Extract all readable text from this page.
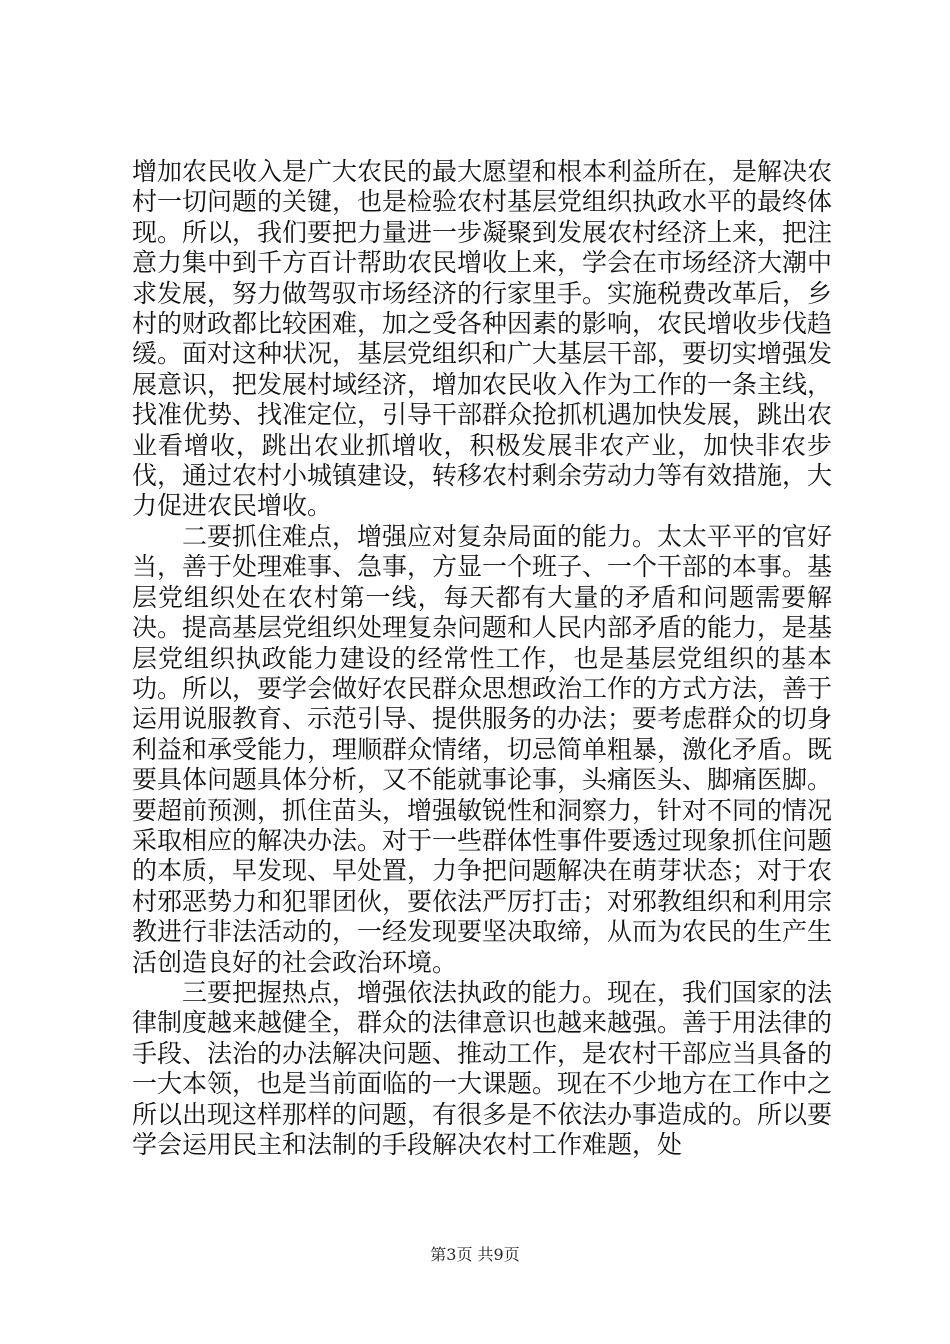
增加农民收入是广大农民的最大愿望和根本利益所在，是解决农村一切问题的关键，也是检验农村基层党组织执政水平的最终体现。所以，我们要把力量进一步凝聚到发展农村经济上来，把注意力集中到千方百计帮助农民增收上来，学会在市场经济大潮中求发展，努力做驾驭市场经济的行家里手。实施税费改革后，乡村的财政都比较困难，加之受各种因素的影响，农民增收步伐趋缓。面对这种状况，基层党组织和广大基层干部，要切实增强发展意识，把发展村域经济，增加农民收入作为工作的一条主线，找准优势、找准定位，引导干部群众抢抓机遇加快发展，跳出农业看增收，跳出农业抓增收，积极发展非农产业，加快非农步伐，通过农村小城镇建设，转移农村剩余劳动力等有效措施，大力促进农民增收。

二要抓住难点，增强应对复杂局面的能力。太太平平的官好当，善于处理难事、急事，方显一个班子、一个干部的本事。基层党组织处在农村第一线，每天都有大量的矛盾和问题需要解决。提高基层党组织处理复杂问题和人民内部矛盾的能力，是基层党组织执政能力建设的经常性工作，也是基层党组织的基本功。所以，要学会做好农民群众思想政治工作的方式方法，善于运用说服教育、示范引导、提供服务的办法；要考虑群众的切身利益和承受能力，理顺群众情绪，切忌简单粗暴，激化矛盾。既要具体问题具体分析，又不能就事论事，头痛医头、脚痛医脚。要超前预测，抓住苗头，增强敏锐性和洞察力，针对不同的情况采取相应的解决办法。对于一些群体性事件要透过现象抓住问题的本质，早发现、早处置，力争把问题解决在萌芽状态；对于农村邪恶势力和犯罪团伙，要依法严厉打击；对邪教组织和利用宗教进行非法活动的，一经发现要坚决取缔，从而为农民的生产生活创造良好的社会政治环境。

三要把握热点，增强依法执政的能力。现在，我们国家的法律制度越来越健全，群众的法律意识也越来越强。善于用法律的手段、法治的办法解决问题、推动工作，是农村干部应当具备的一大本领，也是当前面临的一大课题。现在不少地方在工作中之所以出现这样那样的问题，有很多是不依法办事造成的。所以要学会运用民主和法制的手段解决农村工作难题，处

第3页 共9页
